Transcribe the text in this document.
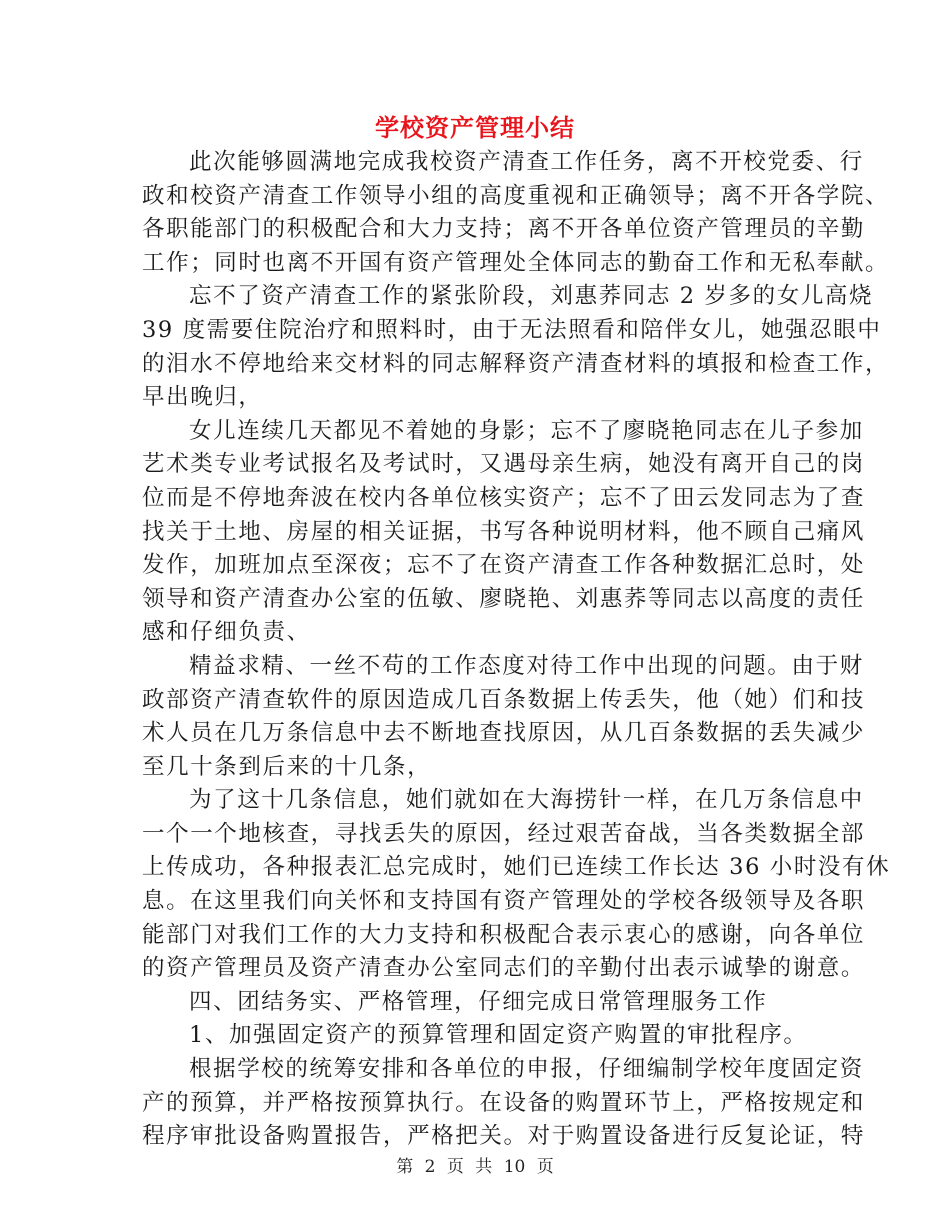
学校资产管理小结
此次能够圆满地完成我校资产清查工作任务，离不开校党委、行
政和校资产清查工作领导小组的高度重视和正确领导；离不开各学院、
各职能部门的积极配合和大力支持；离不开各单位资产管理员的辛勤
工作；同时也离不开国有资产管理处全体同志的勤奋工作和无私奉献。
忘不了资产清查工作的紧张阶段，刘惠荞同志 2 岁多的女儿高烧
39 度需要住院治疗和照料时，由于无法照看和陪伴女儿，她强忍眼中
的泪水不停地给来交材料的同志解释资产清查材料的填报和检查工作，
早出晚归，
女儿连续几天都见不着她的身影；忘不了廖晓艳同志在儿子参加
艺术类专业考试报名及考试时，又遇母亲生病，她没有离开自己的岗
位而是不停地奔波在校内各单位核实资产；忘不了田云发同志为了查
找关于土地、房屋的相关证据，书写各种说明材料，他不顾自己痛风
发作，加班加点至深夜；忘不了在资产清查工作各种数据汇总时，处
领导和资产清查办公室的伍敏、廖晓艳、刘惠荞等同志以高度的责任
感和仔细负责、
精益求精、一丝不苟的工作态度对待工作中出现的问题。由于财
政部资产清查软件的原因造成几百条数据上传丢失，他（她）们和技
术人员在几万条信息中去不断地查找原因，从几百条数据的丢失减少
至几十条到后来的十几条，
为了这十几条信息，她们就如在大海捞针一样，在几万条信息中
一个一个地核查，寻找丢失的原因，经过艰苦奋战，当各类数据全部
上传成功，各种报表汇总完成时，她们已连续工作长达 36 小时没有休
息。在这里我们向关怀和支持国有资产管理处的学校各级领导及各职
能部门对我们工作的大力支持和积极配合表示衷心的感谢，向各单位
的资产管理员及资产清查办公室同志们的辛勤付出表示诚挚的谢意。
四、团结务实、严格管理，仔细完成日常管理服务工作
1、加强固定资产的预算管理和固定资产购置的审批程序。
根据学校的统筹安排和各单位的申报，仔细编制学校年度固定资
产的预算，并严格按预算执行。在设备的购置环节上，严格按规定和
程序审批设备购置报告，严格把关。对于购置设备进行反复论证，特
第 2 页 共 10 页
